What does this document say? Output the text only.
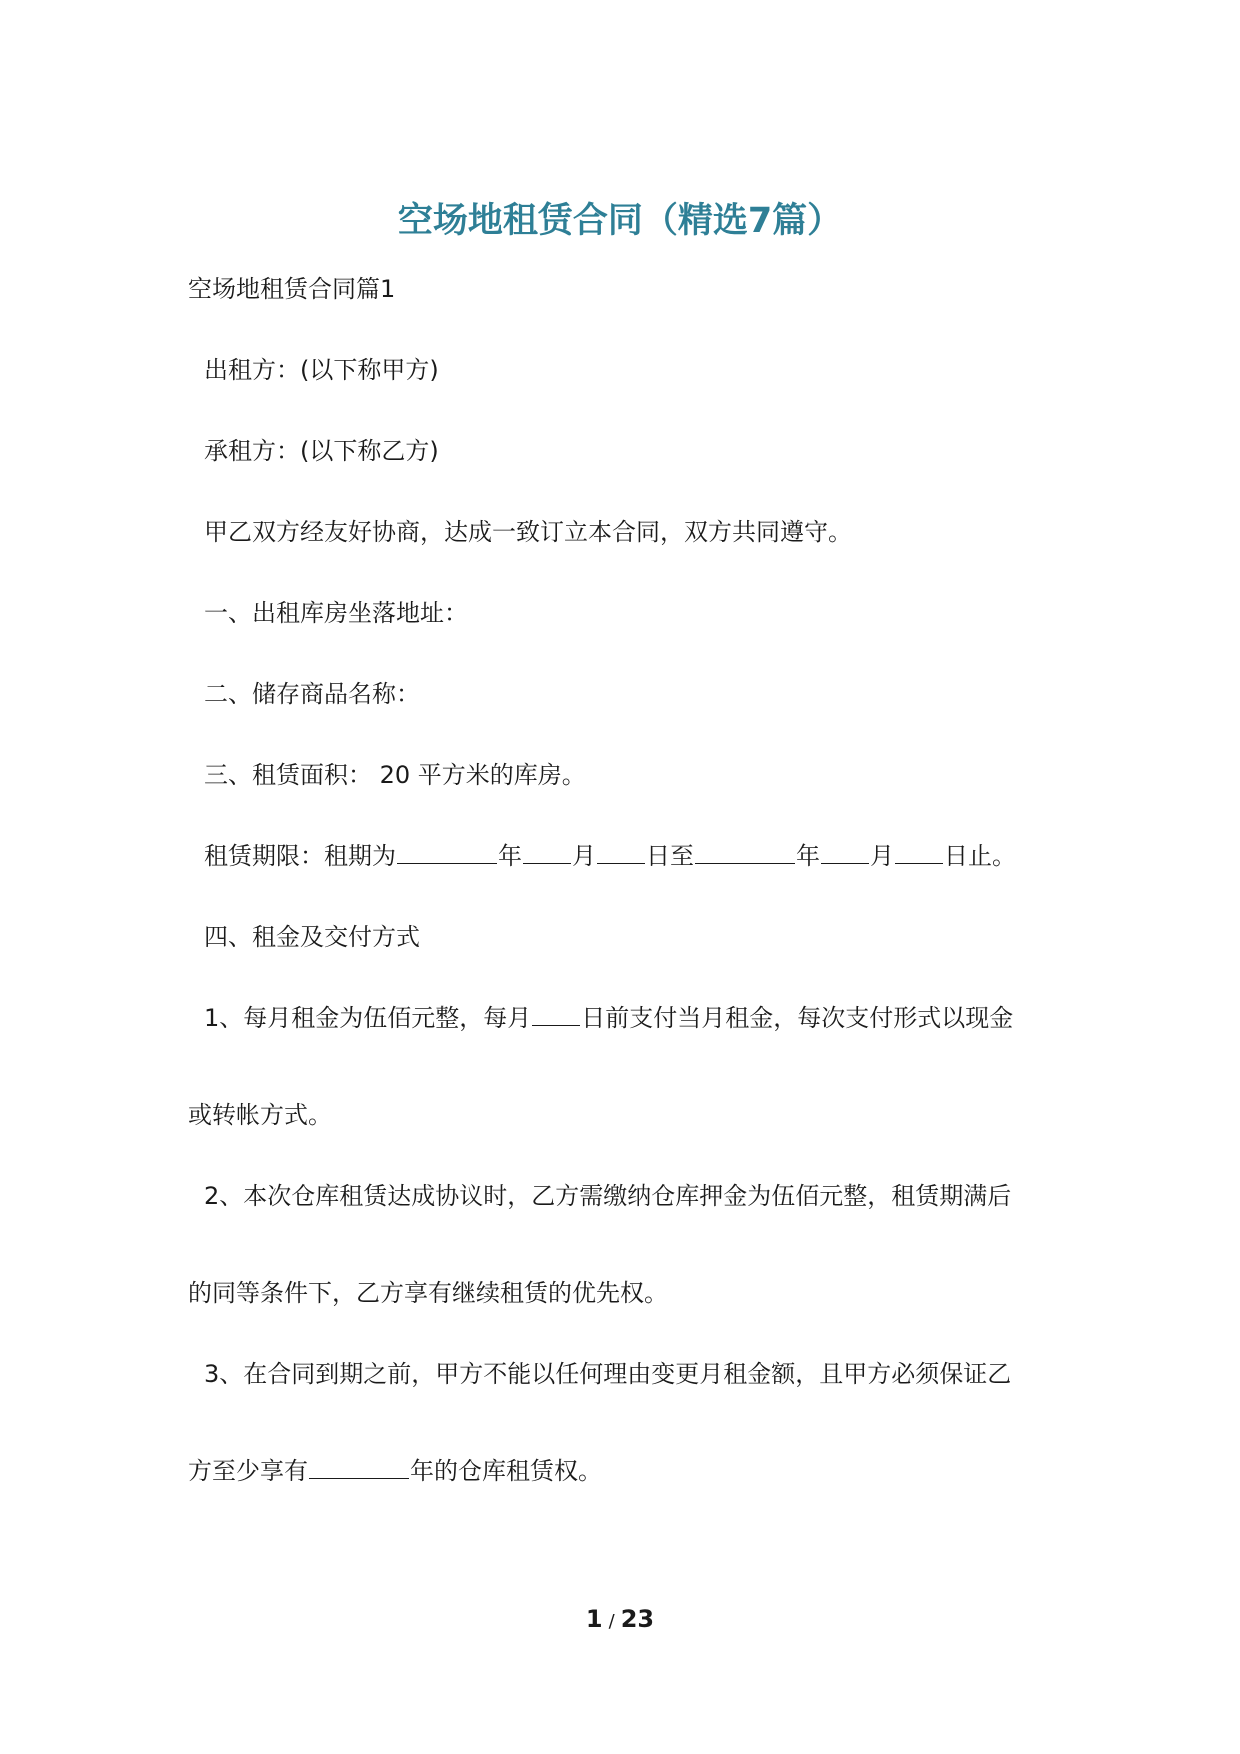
空场地租赁合同（精选7篇）
空场地租赁合同篇1
出租方：(以下称甲方)
承租方：(以下称乙方)
甲乙双方经友好协商，达成一致订立本合同，双方共同遵守。
一、出租库房坐落地址：
二、储存商品名称：
三、租赁面积： 20 平方米的库房。
租赁期限：租期为	年 月 日至	年 月 日止。
四、租金及交付方式
1、每月租金为伍佰元整，每月 日前支付当月租金，每次支付形式以现金
或转帐方式。
2、本次仓库租赁达成协议时，乙方需缴纳仓库押金为伍佰元整，租赁期满后
的同等条件下，乙方享有继续租赁的优先权。
3、在合同到期之前，甲方不能以任何理由变更月租金额，且甲方必须保证乙
方至少享有	年的仓库租赁权。
1 / 23
